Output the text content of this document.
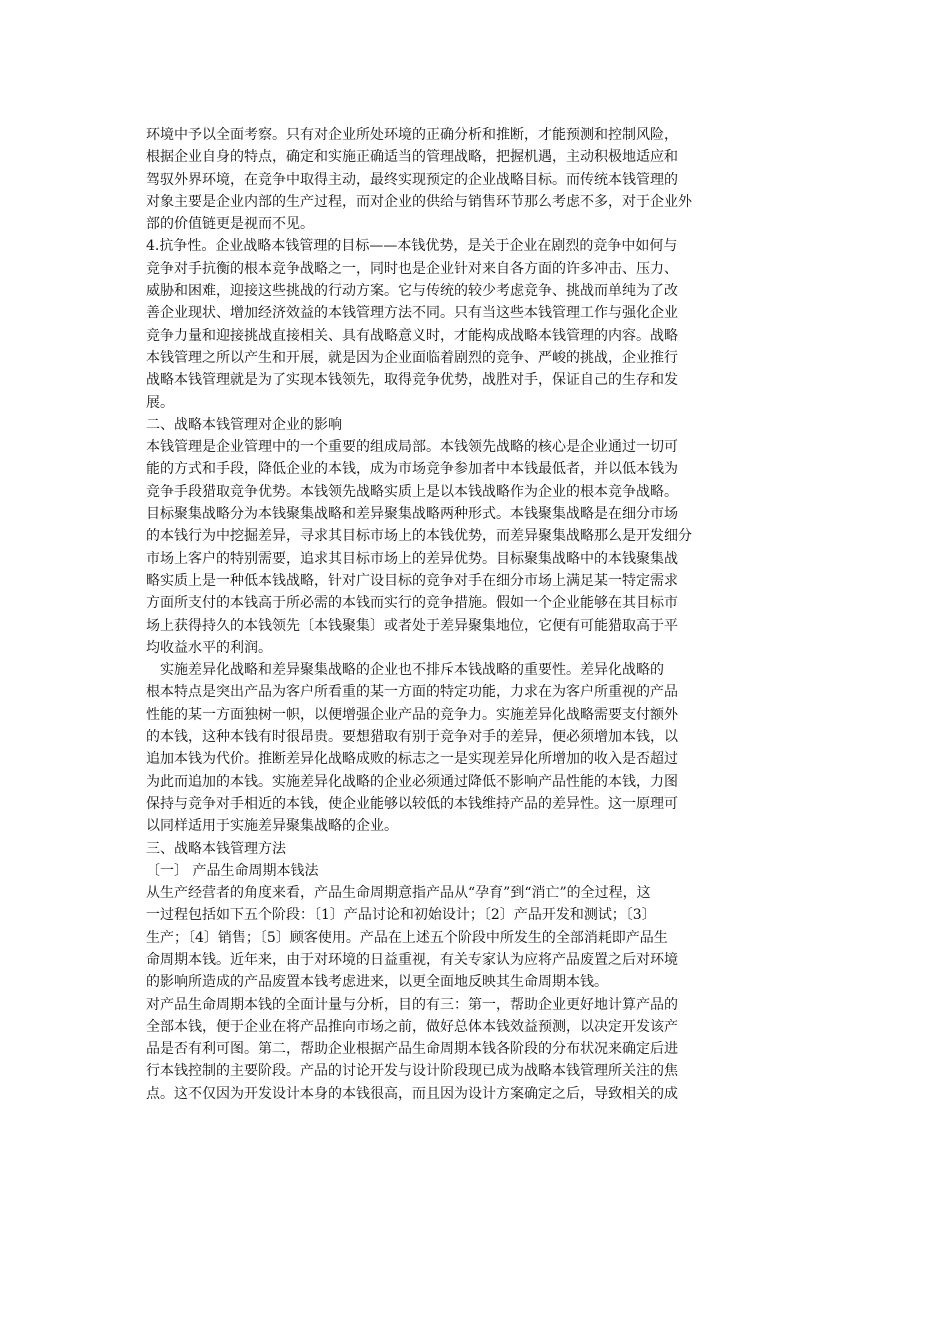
环境中予以全面考察。只有对企业所处环境的正确分析和推断，才能预测和控制风险，

根据企业自身的特点，确定和实施正确适当的管理战略，把握机遇，主动积极地适应和

驾驭外界环境，在竞争中取得主动，最终实现预定的企业战略目标。而传统本钱管理的

对象主要是企业内部的生产过程，而对企业的供给与销售环节那么考虑不多，对于企业外

部的价值链更是视而不见。

4.抗争性。企业战略本钱管理的目标——本钱优势，是关于企业在剧烈的竞争中如何与

竞争对手抗衡的根本竞争战略之一，同时也是企业针对来自各方面的许多冲击、压力、

威胁和困难，迎接这些挑战的行动方案。它与传统的较少考虑竞争、挑战而单纯为了改

善企业现状、增加经济效益的本钱管理方法不同。只有当这些本钱管理工作与强化企业

竞争力量和迎接挑战直接相关、具有战略意义时，才能构成战略本钱管理的内容。战略

本钱管理之所以产生和开展，就是因为企业面临着剧烈的竞争、严峻的挑战，企业推行

战略本钱管理就是为了实现本钱领先，取得竞争优势，战胜对手，保证自己的生存和发

展。

二、战略本钱管理对企业的影响

本钱管理是企业管理中的一个重要的组成局部。本钱领先战略的核心是企业通过一切可

能的方式和手段，降低企业的本钱，成为市场竞争参加者中本钱最低者，并以低本钱为

竞争手段猎取竞争优势。本钱领先战略实质上是以本钱战略作为企业的根本竞争战略。

目标聚集战略分为本钱聚集战略和差异聚集战略两种形式。本钱聚集战略是在细分市场

的本钱行为中挖掘差异，寻求其目标市场上的本钱优势，而差异聚集战略那么是开发细分

市场上客户的特别需要，追求其目标市场上的差异优势。目标聚集战略中的本钱聚集战

略实质上是一种低本钱战略，针对广设目标的竞争对手在细分市场上满足某一特定需求

方面所支付的本钱高于所必需的本钱而实行的竞争措施。假如一个企业能够在其目标市

场上获得持久的本钱领先〔本钱聚集〕或者处于差异聚集地位，它便有可能猎取高于平

均收益水平的利润。

　实施差异化战略和差异聚集战略的企业也不排斥本钱战略的重要性。差异化战略的

根本特点是突出产品为客户所看重的某一方面的特定功能，力求在为客户所重视的产品

性能的某一方面独树一帜，以便增强企业产品的竞争力。实施差异化战略需要支付额外

的本钱，这种本钱有时很昂贵。要想猎取有别于竞争对手的差异，便必须增加本钱，以

追加本钱为代价。推断差异化战略成败的标志之一是实现差异化所增加的收入是否超过

为此而追加的本钱。实施差异化战略的企业必须通过降低不影响产品性能的本钱，力图

保持与竞争对手相近的本钱，使企业能够以较低的本钱维持产品的差异性。这一原理可

以同样适用于实施差异聚集战略的企业。

三、战略本钱管理方法

〔一〕 产品生命周期本钱法

从生产经营者的角度来看，产品生命周期意指产品从“孕育”到“消亡”的全过程，这

一过程包括如下五个阶段：〔1〕产品讨论和初始设计；〔2〕产品开发和测试；〔3〕

生产；〔4〕销售；〔5〕顾客使用。产品在上述五个阶段中所发生的全部消耗即产品生

命周期本钱。近年来，由于对环境的日益重视，有关专家认为应将产品废置之后对环境

的影响所造成的产品废置本钱考虑进来，以更全面地反映其生命周期本钱。

对产品生命周期本钱的全面计量与分析，目的有三：第一，帮助企业更好地计算产品的

全部本钱，便于企业在将产品推向市场之前，做好总体本钱效益预测，以决定开发该产

品是否有利可图。第二，帮助企业根据产品生命周期本钱各阶段的分布状况来确定后进

行本钱控制的主要阶段。产品的讨论开发与设计阶段现已成为战略本钱管理所关注的焦

点。这不仅因为开发设计本身的本钱很高，而且因为设计方案确定之后，导致相关的成
